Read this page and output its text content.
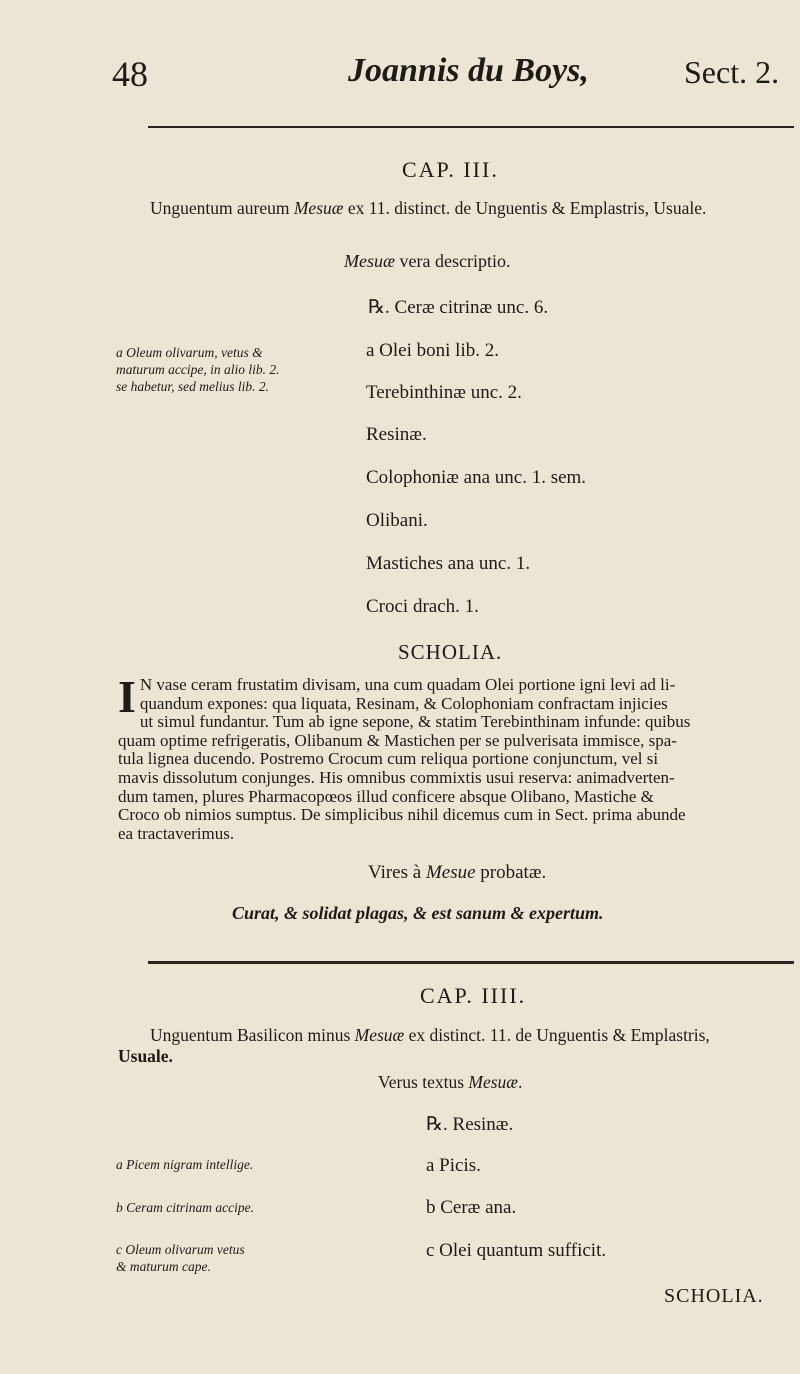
48	Joannis du Boys,	Sect. 2.
CAP. III.
Unguentum aureum Mesuæ ex 11. distinct. de Unguentis & Emplastris, Usuale.
Mesuæ vera descriptio.
℞. Ceræ citrinæ unc. 6.
a Olei boni lib. 2.
Terebinthinæ unc. 2.
Resinæ.
Colophoniæ ana unc. 1. sem.
Olibani.
Mastiches ana unc. 1.
Croci drach. 1.
a Oleum olivarum, vetus &
maturum accipe, in alio lib. 2.
se habetur, sed melius lib. 2.
SCHOLIA.
I N vase ceram frustatim divisam, una cum quadam Olei portione igni levi ad li-
quandum expones: qua liquata, Resinam, & Colophoniam confractam injicies
ut simul fundantur. Tum ab igne sepone, & statim Terebinthinam infunde: quibus
quam optime refrigeratis, Olibanum & Mastichen per se pulverisata immisce, spa-
tula lignea ducendo. Postremo Crocum cum reliqua portione conjunctum, vel si
mavis dissolutum conjunges. His omnibus commixtis usui reserva: animadverten-
dum tamen, plures Pharmacopœos illud conficere absque Olibano, Mastiche &
Croco ob nimios sumptus. De simplicibus nihil dicemus cum in Sect. prima abunde
ea tractaverimus.
Vires à Mesue probatæ.
Curat, & solidat plagas, & est sanum & expertum.
CAP. IIII.
Unguentum Basilicon minus Mesuæ ex distinct. 11. de Unguentis & Emplastris,
Usuale.
Verus textus Mesuæ.
℞. Resinæ.
a Picis.
b Ceræ ana.
c Olei quantum sufficit.
a Picem nigram intellige.
b Ceram citrinam accipe.
c Oleum olivarum vetus
& maturum cape.
SCHOLIA.
